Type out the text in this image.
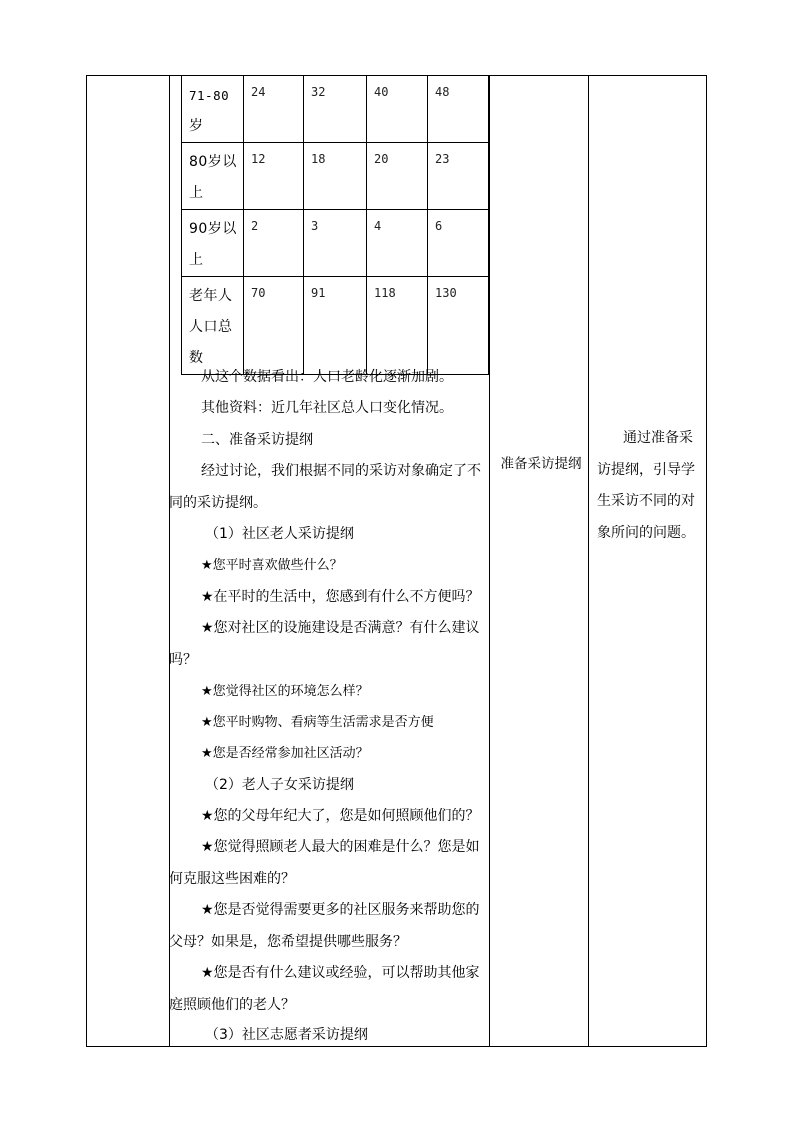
71-80
岁	24	32	40	48

80岁以
上	12	18	20	23

90岁以
上	2	3	4	6

老年人
人口总
数	70	91	118	130
从这个数据看出：人口老龄化逐渐加剧。
其他资料：近几年社区总人口变化情况。
二、准备采访提纲
经过讨论，我们根据不同的采访对象确定了不同的采访提纲。
（1）社区老人采访提纲
★您平时喜欢做些什么？
★在平时的生活中，您感到有什么不方便吗？
★您对社区的设施建设是否满意？有什么建议吗？
★您觉得社区的环境怎么样？
★您平时购物、看病等生活需求是否方便
★您是否经常参加社区活动？
（2）老人子女采访提纲
★您的父母年纪大了，您是如何照顾他们的？
★您觉得照顾老人最大的困难是什么？您是如何克服这些困难的？
★您是否觉得需要更多的社区服务来帮助您的父母？如果是，您希望提供哪些服务？
★您是否有什么建议或经验，可以帮助其他家庭照顾他们的老人？
（3）社区志愿者采访提纲
准备采访提纲
通过准备采访提纲，引导学生采访不同的对象所问的问题。
